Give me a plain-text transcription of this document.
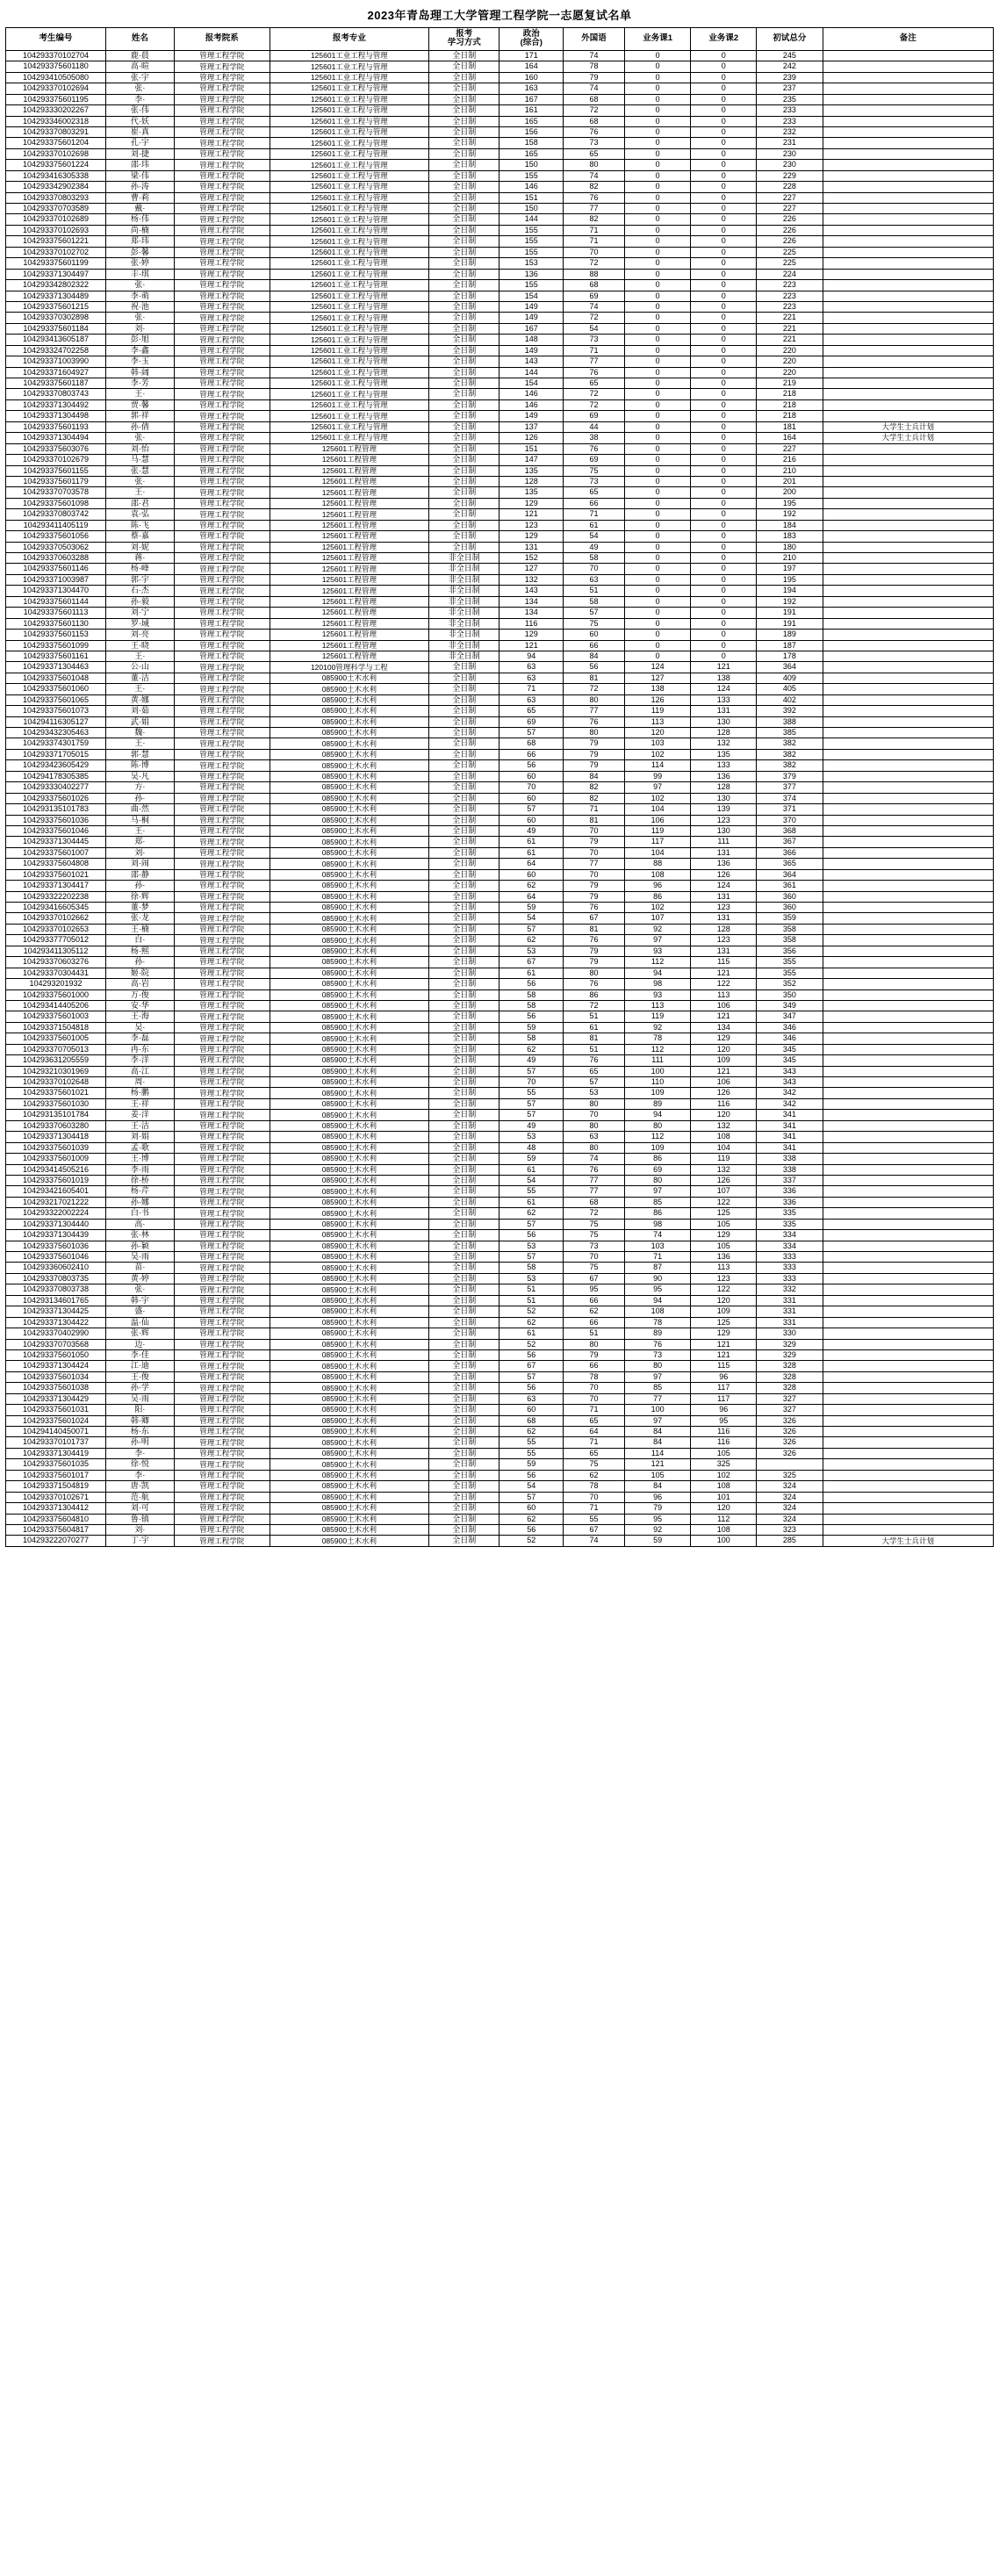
2023年青岛理工大学管理工程学院一志愿复试名单
考生编号	姓名	报考院系	报考专业	报考
学习方式	政治
(综合)	外国语	业务课1	业务课2	初试总分	备注
104293370102704	鹿·晨	管理工程学院	125601工业工程与管理	全日制	171	74	0	0	245	
104293375601180	高·暄	管理工程学院	125601工业工程与管理	全日制	164	78	0	0	242	
104293410505080	张·宇	管理工程学院	125601工业工程与管理	全日制	160	79	0	0	239	
104293370102694	张·	管理工程学院	125601工业工程与管理	全日制	163	74	0	0	237	
104293375601195	李·	管理工程学院	125601工业工程与管理	全日制	167	68	0	0	235	
104293330202267	张·伟	管理工程学院	125601工业工程与管理	全日制	161	72	0	0	233	
104293346002318	代·妖	管理工程学院	125601工业工程与管理	全日制	165	68	0	0	233	
104293370803291	崔·真	管理工程学院	125601工业工程与管理	全日制	156	76	0	0	232	
104293375601204	孔·宇	管理工程学院	125601工业工程与管理	全日制	158	73	0	0	231	
104293370102698	刘·捷	管理工程学院	125601工业工程与管理	全日制	165	65	0	0	230	
104293375601224	邵·玮	管理工程学院	125601工业工程与管理	全日制	150	80	0	0	230	
104293416305338	梁·伟	管理工程学院	125601工业工程与管理	全日制	155	74	0	0	229	
104293342902384	孙·涛	管理工程学院	125601工业工程与管理	全日制	146	82	0	0	228	
104293370803293	曹·莉	管理工程学院	125601工业工程与管理	全日制	151	76	0	0	227	
104293370703589	戴·	管理工程学院	125601工业工程与管理	全日制	150	77	0	0	227	
104293370102689	杨·伟	管理工程学院	125601工业工程与管理	全日制	144	82	0	0	226	
104293370102693	尚·楠	管理工程学院	125601工业工程与管理	全日制	155	71	0	0	226	
104293375601221	郑·玮	管理工程学院	125601工业工程与管理	全日制	155	71	0	0	226	
104293370102702	彭·馨	管理工程学院	125601工业工程与管理	全日制	155	70	0	0	225	
104293375601199	张·婷	管理工程学院	125601工业工程与管理	全日制	153	72	0	0	225	
104293371304497	丰·琪	管理工程学院	125601工业工程与管理	全日制	136	88	0	0	224	
104293342802322	张·	管理工程学院	125601工业工程与管理	全日制	155	68	0	0	223	
104293371304489	李·萌	管理工程学院	125601工业工程与管理	全日制	154	69	0	0	223	
104293375601215	祝·池	管理工程学院	125601工业工程与管理	全日制	149	74	0	0	223	
104293370302898	张·	管理工程学院	125601工业工程与管理	全日制	149	72	0	0	221	
104293375601184	刘·	管理工程学院	125601工业工程与管理	全日制	167	54	0	0	221	
104293413605187	彭·旭	管理工程学院	125601工业工程与管理	全日制	148	73	0	0	221	
104293324702258	李·鑫	管理工程学院	125601工业工程与管理	全日制	149	71	0	0	220	
104293371003990	李·玉	管理工程学院	125601工业工程与管理	全日制	143	77	0	0	220	
104293371604927	韩·阔	管理工程学院	125601工业工程与管理	全日制	144	76	0	0	220	
104293375601187	李·芳	管理工程学院	125601工业工程与管理	全日制	154	65	0	0	219	
104293370803743	王·	管理工程学院	125601工业工程与管理	全日制	146	72	0	0	218	
104293371304492	贾·馨	管理工程学院	125601工业工程与管理	全日制	146	72	0	0	218	
104293371304498	郭·祥	管理工程学院	125601工业工程与管理	全日制	149	69	0	0	218	
104293375601193	孙·倩	管理工程学院	125601工业工程与管理	全日制	137	44	0	0	181	大学生士兵计划
104293371304494	张·	管理工程学院	125601工业工程与管理	全日制	126	38	0	0	164	大学生士兵计划
104293375603076	刘·怡	管理工程学院	125601工程管理	全日制	151	76	0	0	227	
104293370102679	马·慧	管理工程学院	125601工程管理	全日制	147	69	0	0	216	
104293375601155	张·慧	管理工程学院	125601工程管理	全日制	135	75	0	0	210	
104293375601179	张·	管理工程学院	125601工程管理	全日制	128	73	0	0	201	
104293370703578	王·	管理工程学院	125601工程管理	全日制	135	65	0	0	200	
104293375601098	邵·君	管理工程学院	125601工程管理	全日制	129	66	0	0	195	
104293370803742	袁·弘	管理工程学院	125601工程管理	全日制	121	71	0	0	192	
104293411405119	陈·飞	管理工程学院	125601工程管理	全日制	123	61	0	0	184	
104293375601056	蔡·嘉	管理工程学院	125601工程管理	全日制	129	54	0	0	183	
104293370503062	刘·妮	管理工程学院	125601工程管理	全日制	131	49	0	0	180	
104293370603288	蒋·	管理工程学院	125601工程管理	非全日制	152	58	0	0	210	
104293375601146	杨·峰	管理工程学院	125601工程管理	非全日制	127	70	0	0	197	
104293371003987	郭·宇	管理工程学院	125601工程管理	非全日制	132	63	0	0	195	
104293371304470	石·杰	管理工程学院	125601工程管理	非全日制	143	51	0	0	194	
104293375601144	孙·毅	管理工程学院	125601工程管理	非全日制	134	58	0	0	192	
104293375601113	刘·宁	管理工程学院	125601工程管理	非全日制	134	57	0	0	191	
104293375601130	罗·域	管理工程学院	125601工程管理	非全日制	116	75	0	0	191	
104293375601153	刘·亮	管理工程学院	125601工程管理	非全日制	129	60	0	0	189	
104293375601099	王·晓	管理工程学院	125601工程管理	非全日制	121	66	0	0	187	
104293375601161	王·	管理工程学院	125601工程管理	非全日制	94	84	0	0	178	
104293371304463	公·山	管理工程学院	120100管理科学与工程	全日制	63	56	124	121	364	
104293375601048	董·洁	管理工程学院	085900土木水利	全日制	63	81	127	138	409	
104293375601060	王·	管理工程学院	085900土木水利	全日制	71	72	138	124	405	
104293375601065	黄·娜	管理工程学院	085900土木水利	全日制	63	80	126	133	402	
104293375601073	刘·茹	管理工程学院	085900土木水利	全日制	65	77	119	131	392	
104294116305127	武·娟	管理工程学院	085900土木水利	全日制	69	76	113	130	388	
104293432305463	魏·	管理工程学院	085900土木水利	全日制	57	80	120	128	385	
104293374301759	王·	管理工程学院	085900土木水利	全日制	68	79	103	132	382	
104293371705015	郭·慧	管理工程学院	085900土木水利	全日制	66	79	102	135	382	
104293423605429	陈·博	管理工程学院	085900土木水利	全日制	56	79	114	133	382	
104294178305385	吴·凡	管理工程学院	085900土木水利	全日制	60	84	99	136	379	
104293330402277	方·	管理工程学院	085900土木水利	全日制	70	82	97	128	377	
104293375601026	孙·	管理工程学院	085900土木水利	全日制	60	82	102	130	374	
104293135101783	曲·然	管理工程学院	085900土木水利	全日制	57	71	104	139	371	
104293375601036	马·桐	管理工程学院	085900土木水利	全日制	60	81	106	123	370	
104293375601046	王·	管理工程学院	085900土木水利	全日制	49	70	119	130	368	
104293371304445	郑·	管理工程学院	085900土木水利	全日制	61	79	117	111	367	
104293375601007	刘·	管理工程学院	085900土木水利	全日制	61	70	104	131	366	
104293375604808	刘·闹	管理工程学院	085900土木水利	全日制	64	77	88	136	365	
104293375601021	邵·静	管理工程学院	085900土木水利	全日制	60	70	108	126	364	
104293371304417	孙·	管理工程学院	085900土木水利	全日制	62	79	96	124	361	
104293322202238	徐·辉	管理工程学院	085900土木水利	全日制	64	79	86	131	360	
104293416605345	董·梦	管理工程学院	085900土木水利	全日制	59	76	102	123	360	
104293370102662	张·龙	管理工程学院	085900土木水利	全日制	54	67	107	131	359	
104293370102653	王·楠	管理工程学院	085900土木水利	全日制	57	81	92	128	358	
104293377705012	白·	管理工程学院	085900土木水利	全日制	62	76	97	123	358	
104293411305112	杨·熙	管理工程学院	085900土木水利	全日制	53	79	93	131	356	
104293370603276	孙·	管理工程学院	085900土木水利	全日制	67	79	112	115	355	
104293370304431	姬·院	管理工程学院	085900土木水利	全日制	61	80	94	121	355	
104293201932	高·岩	管理工程学院	085900土木水利	全日制	56	76	98	122	352	
104293375601000	万·俊	管理工程学院	085900土木水利	全日制	58	86	93	113	350	
104293414405206	安·华	管理工程学院	085900土木水利	全日制	58	72	113	106	349	
104293375601003	王·海	管理工程学院	085900土木水利	全日制	56	51	119	121	347	
104293371504818	吴·	管理工程学院	085900土木水利	全日制	59	61	92	134	346	
104293375601005	李·磊	管理工程学院	085900土木水利	全日制	58	81	78	129	346	
104293370705013	冉·东	管理工程学院	085900土木水利	全日制	62	51	112	120	345	
104293631205559	李·洋	管理工程学院	085900土木水利	全日制	49	76	111	109	345	
104293210301969	高·江	管理工程学院	085900土木水利	全日制	57	65	100	121	343	
104293370102648	周·	管理工程学院	085900土木水利	全日制	70	57	110	106	343	
104293375601021	杨·鹏	管理工程学院	085900土木水利	全日制	55	53	109	126	342	
104293375601030	王·祥	管理工程学院	085900土木水利	全日制	57	80	89	116	342	
104293135101784	姜·洋	管理工程学院	085900土木水利	全日制	57	70	94	120	341	
104293370603280	王·洁	管理工程学院	085900土木水利	全日制	49	80	80	132	341	
104293371304418	刘·娟	管理工程学院	085900土木水利	全日制	53	63	112	108	341	
104293375601039	孟·歌	管理工程学院	085900土木水利	全日制	48	80	109	104	341	
104293375601009	王·博	管理工程学院	085900土木水利	全日制	59	74	86	119	338	
104293414505216	李·雨	管理工程学院	085900土木水利	全日制	61	76	69	132	338	
104293375601019	徐·桥	管理工程学院	085900土木水利	全日制	54	77	80	126	337	
104293421605401	杨·芹	管理工程学院	085900土木水利	全日制	55	77	97	107	336	
104293217021222	孙·娜	管理工程学院	085900土木水利	全日制	61	68	85	122	336	
104293322002224	白·书	管理工程学院	085900土木水利	全日制	62	72	86	125	335	
104293371304440	高·	管理工程学院	085900土木水利	全日制	57	75	98	105	335	
104293371304439	张·林	管理工程学院	085900土木水利	全日制	56	75	74	129	334	
104293375601036	孙·颖	管理工程学院	085900土木水利	全日制	53	73	103	105	334	
104293375601046	吴·雨	管理工程学院	085900土木水利	全日制	57	70	71	136	333	
104293360602410	苗·	管理工程学院	085900土木水利	全日制	58	75	87	113	333	
104293370803735	黄·婷	管理工程学院	085900土木水利	全日制	53	67	90	123	333	
104293370803738	张·	管理工程学院	085900土木水利	全日制	51	95	95	122	332	
104293134601765	韩·宇	管理工程学院	085900土木水利	全日制	51	66	94	120	331	
104293371304425	盛·	管理工程学院	085900土木水利	全日制	52	62	108	109	331	
104293371304422	温·仙	管理工程学院	085900土木水利	全日制	62	66	78	125	331	
104293370402990	张·辉	管理工程学院	085900土木水利	全日制	61	51	89	129	330	
104293370703568	边·	管理工程学院	085900土木水利	全日制	52	80	76	121	329	
104293375601050	李·佳	管理工程学院	085900土木水利	全日制	56	79	73	121	329	
104293371304424	江·迪	管理工程学院	085900土木水利	全日制	67	66	80	115	328	
104293375601034	王·俊	管理工程学院	085900土木水利	全日制	57	78	97	96	328	
104293375601038	孙·学	管理工程学院	085900土木水利	全日制	56	70	85	117	328	
104293371304429	吴·雨	管理工程学院	085900土木水利	全日制	63	70	77	117	327	
104293375601031	阳·	管理工程学院	085900土木水利	全日制	60	71	100	96	327	
104293375601024	韩·卿	管理工程学院	085900土木水利	全日制	68	65	97	95	326	
104294140450071	杨·东	管理工程学院	085900土木水利	全日制	62	64	84	116	326	
104293370101737	孙·明	管理工程学院	085900土木水利	全日制	55	71	84	116	326	
104293371304419	李·	管理工程学院	085900土木水利	全日制	55	65	114	105	326	
104293375601035	徐·悦	管理工程学院	085900土木水利	全日制	59	75	121	325		
104293375601017	李·	管理工程学院	085900土木水利	全日制	56	62	105	102	325	
104293371504819	唐·凯	管理工程学院	085900土木水利	全日制	54	78	84	108	324	
104293370102671	范·航	管理工程学院	085900土木水利	全日制	57	70	96	101	324	
104293371304412	刘·可	管理工程学院	085900土木水利	全日制	60	71	79	120	324	
104293375604810	鲁·镇	管理工程学院	085900土木水利	全日制	62	55	95	112	324	
104293375604817	刘·	管理工程学院	085900土木水利	全日制	56	67	92	108	323	
104293222070277	丁·宇	管理工程学院	085900土木水利	全日制	52	74	59	100	285	大学生士兵计划
